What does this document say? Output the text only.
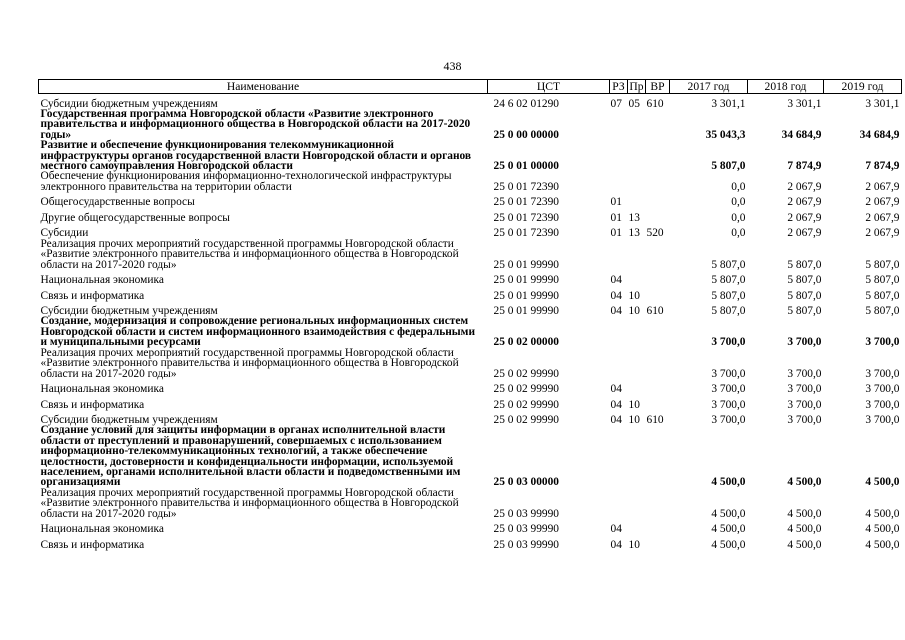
438
Наименование	ЦСТ	РЗ	Пр	ВР	2017 год	2018 год	2019 год
Субсидии бюджетным учреждениям	24 6 02 01290	07	05	610	3 301,1	3 301,1	3 301,1
Государственная программа Новгородской области «Развитие электронного правительства и информационного общества в Новгородской области на 2017-2020 годы»	25 0 00 00000				35 043,3	34 684,9	34 684,9
Развитие и обеспечение функционирования телекоммуникационной инфраструктуры органов государственной власти Новгородской области и органов местного самоуправления Новгородской области	25 0 01 00000				5 807,0	7 874,9	7 874,9
Обеспечение функционирования информационно-технологической инфраструктуры электронного правительства на территории области	25 0 01 72390				0,0	2 067,9	2 067,9
Общегосударственные вопросы	25 0 01 72390	01			0,0	2 067,9	2 067,9
Другие общегосударственные вопросы	25 0 01 72390	01	13		0,0	2 067,9	2 067,9
Субсидии	25 0 01 72390	01	13	520	0,0	2 067,9	2 067,9
Реализация прочих мероприятий государственной программы Новгородской области «Развитие электронного правительства и информационного общества в Новгородской области на 2017-2020 годы»	25 0 01 99990				5 807,0	5 807,0	5 807,0
Национальная экономика	25 0 01 99990	04			5 807,0	5 807,0	5 807,0
Связь и информатика	25 0 01 99990	04	10		5 807,0	5 807,0	5 807,0
Субсидии бюджетным учреждениям	25 0 01 99990	04	10	610	5 807,0	5 807,0	5 807,0
Создание, модернизация и сопровождение региональных информационных систем Новгородской области и систем информационного взаимодействия с федеральными и муниципальными ресурсами	25 0 02 00000				3 700,0	3 700,0	3 700,0
Реализация прочих мероприятий государственной программы Новгородской области «Развитие электронного правительства и информационного общества в Новгородской области на 2017-2020 годы»	25 0 02 99990				3 700,0	3 700,0	3 700,0
Национальная экономика	25 0 02 99990	04			3 700,0	3 700,0	3 700,0
Связь и информатика	25 0 02 99990	04	10		3 700,0	3 700,0	3 700,0
Субсидии бюджетным учреждениям	25 0 02 99990	04	10	610	3 700,0	3 700,0	3 700,0
Создание условий для защиты информации в органах исполнительной власти области от преступлений и правонарушений, совершаемых с использованием информационно-телекоммуникационных технологий, а также обеспечение целостности, достоверности и конфиденциальности информации, используемой населением, органами исполнительной власти области и подведомственными им организациями	25 0 03 00000				4 500,0	4 500,0	4 500,0
Реализация прочих мероприятий государственной программы Новгородской области «Развитие электронного правительства и информационного общества в Новгородской области на 2017-2020 годы»	25 0 03 99990				4 500,0	4 500,0	4 500,0
Национальная экономика	25 0 03 99990	04			4 500,0	4 500,0	4 500,0
Связь и информатика	25 0 03 99990	04	10		4 500,0	4 500,0	4 500,0
